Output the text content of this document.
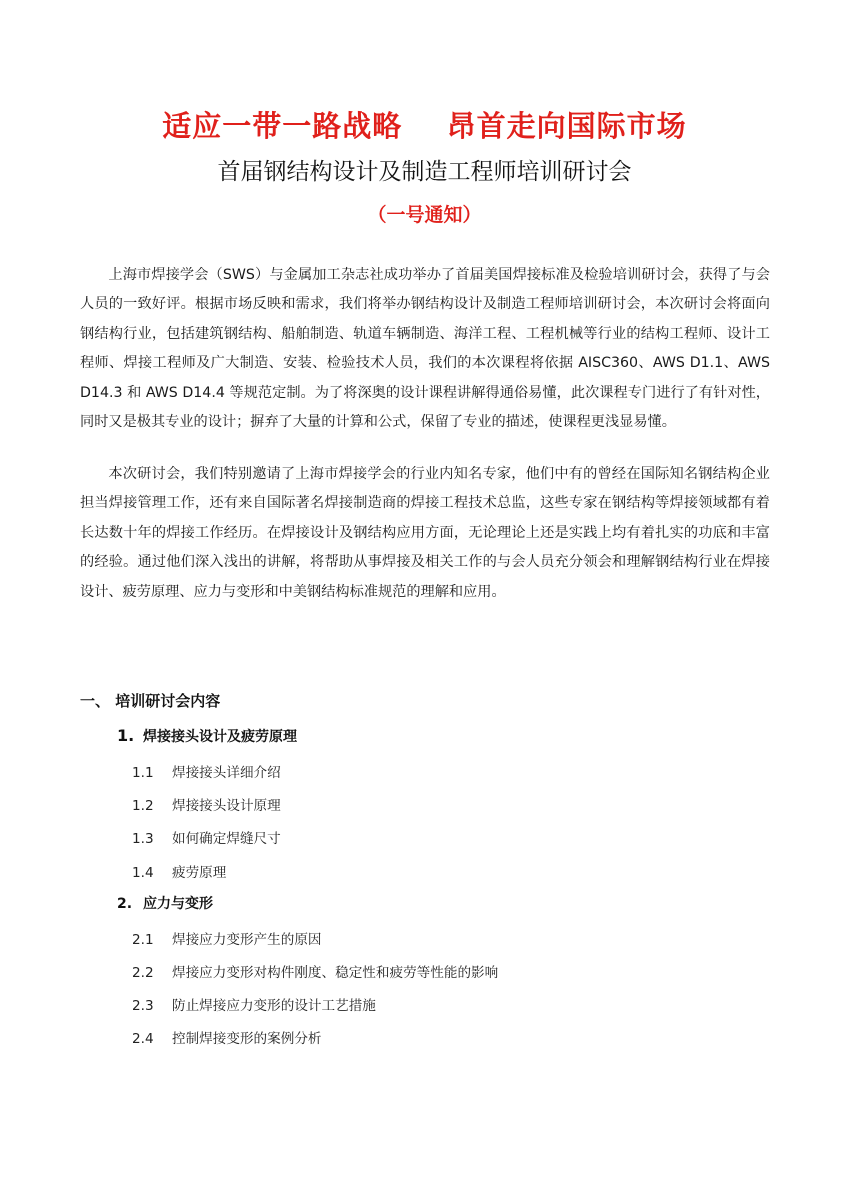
适应一带一路战略    昂首走向国际市场
首届钢结构设计及制造工程师培训研讨会
（一号通知）

上海市焊接学会（SWS）与金属加工杂志社成功举办了首届美国焊接标准及检验培训研讨会，获得了与会人员的一致好评。根据市场反映和需求，我们将举办钢结构设计及制造工程师培训研讨会，本次研讨会将面向钢结构行业，包括建筑钢结构、船舶制造、轨道车辆制造、海洋工程、工程机械等行业的结构工程师、设计工程师、焊接工程师及广大制造、安装、检验技术人员，我们的本次课程将依据 AISC360、AWS D1.1、AWS D14.3 和 AWS D14.4 等规范定制。为了将深奥的设计课程讲解得通俗易懂，此次课程专门进行了有针对性，同时又是极其专业的设计；摒弃了大量的计算和公式，保留了专业的描述，使课程更浅显易懂。

本次研讨会，我们特别邀请了上海市焊接学会的行业内知名专家，他们中有的曾经在国际知名钢结构企业担当焊接管理工作，还有来自国际著名焊接制造商的焊接工程技术总监，这些专家在钢结构等焊接领域都有着长达数十年的焊接工作经历。在焊接设计及钢结构应用方面，无论理论上还是实践上均有着扎实的功底和丰富的经验。通过他们深入浅出的讲解，将帮助从事焊接及相关工作的与会人员充分领会和理解钢结构行业在焊接设计、疲劳原理、应力与变形和中美钢结构标准规范的理解和应用。

一、 培训研讨会内容
1. 焊接接头设计及疲劳原理
1.1 焊接接头详细介绍
1.2 焊接接头设计原理
1.3 如何确定焊缝尺寸
1.4 疲劳原理
2. 应力与变形
2.1 焊接应力变形产生的原因
2.2 焊接应力变形对构件刚度、稳定性和疲劳等性能的影响
2.3 防止焊接应力变形的设计工艺措施
2.4 控制焊接变形的案例分析
